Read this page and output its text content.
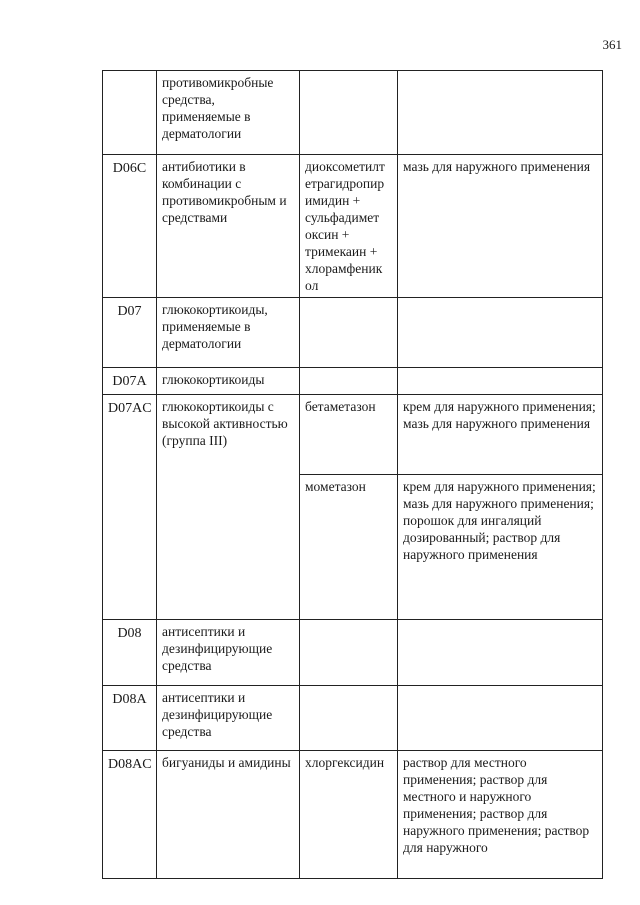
361
	противомикробные средства, применяемые в дерматологии		
D06C	антибиотики в комбинации с противомикробным и средствами	диоксометилт етрагидропир имидин + сульфадимет оксин + тримекаин + хлорамфеник ол	мазь для наружного применения
D07	глюкокортикоиды, применяемые в дерматологии		
D07A	глюкокортикоиды		
D07AC	глюкокортикоиды с высокой активностью (группа III)	бетаметазон	крем для наружного применения; мазь для наружного применения
		мометазон	крем для наружного применения; мазь для наружного применения; порошок для ингаляций дозированный; раствор для наружного применения
D08	антисептики и дезинфицирующие средства		
D08A	антисептики и дезинфицирующие средства		
D08AC	бигуаниды и амидины	хлоргексидин	раствор для местного применения; раствор для местного и наружного применения; раствор для наружного применения; раствор для наружного
